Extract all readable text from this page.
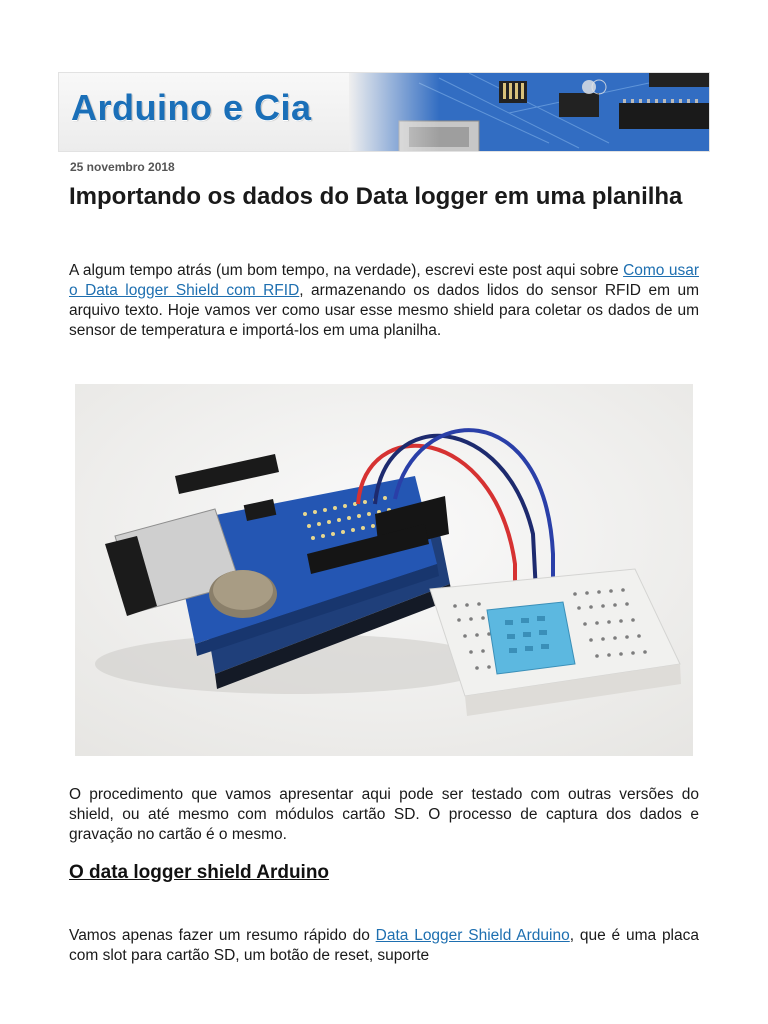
Arduino e Cia
25 novembro 2018
Importando os dados do Data logger em uma planilha

A algum tempo atrás (um bom tempo, na verdade), escrevi este post aqui sobre Como usar o Data logger Shield com RFID, armazenando os dados lidos do sensor RFID em um arquivo texto. Hoje vamos ver como usar esse mesmo shield para coletar os dados de um sensor de temperatura e importá-los em uma planilha.

O procedimento que vamos apresentar aqui pode ser testado com outras versões do shield, ou até mesmo com módulos cartão SD. O processo de captura dos dados e gravação no cartão é o mesmo.

O data logger shield Arduino

Vamos apenas fazer um resumo rápido do Data Logger Shield Arduino, que é uma placa com slot para cartão SD, um botão de reset, suporte
